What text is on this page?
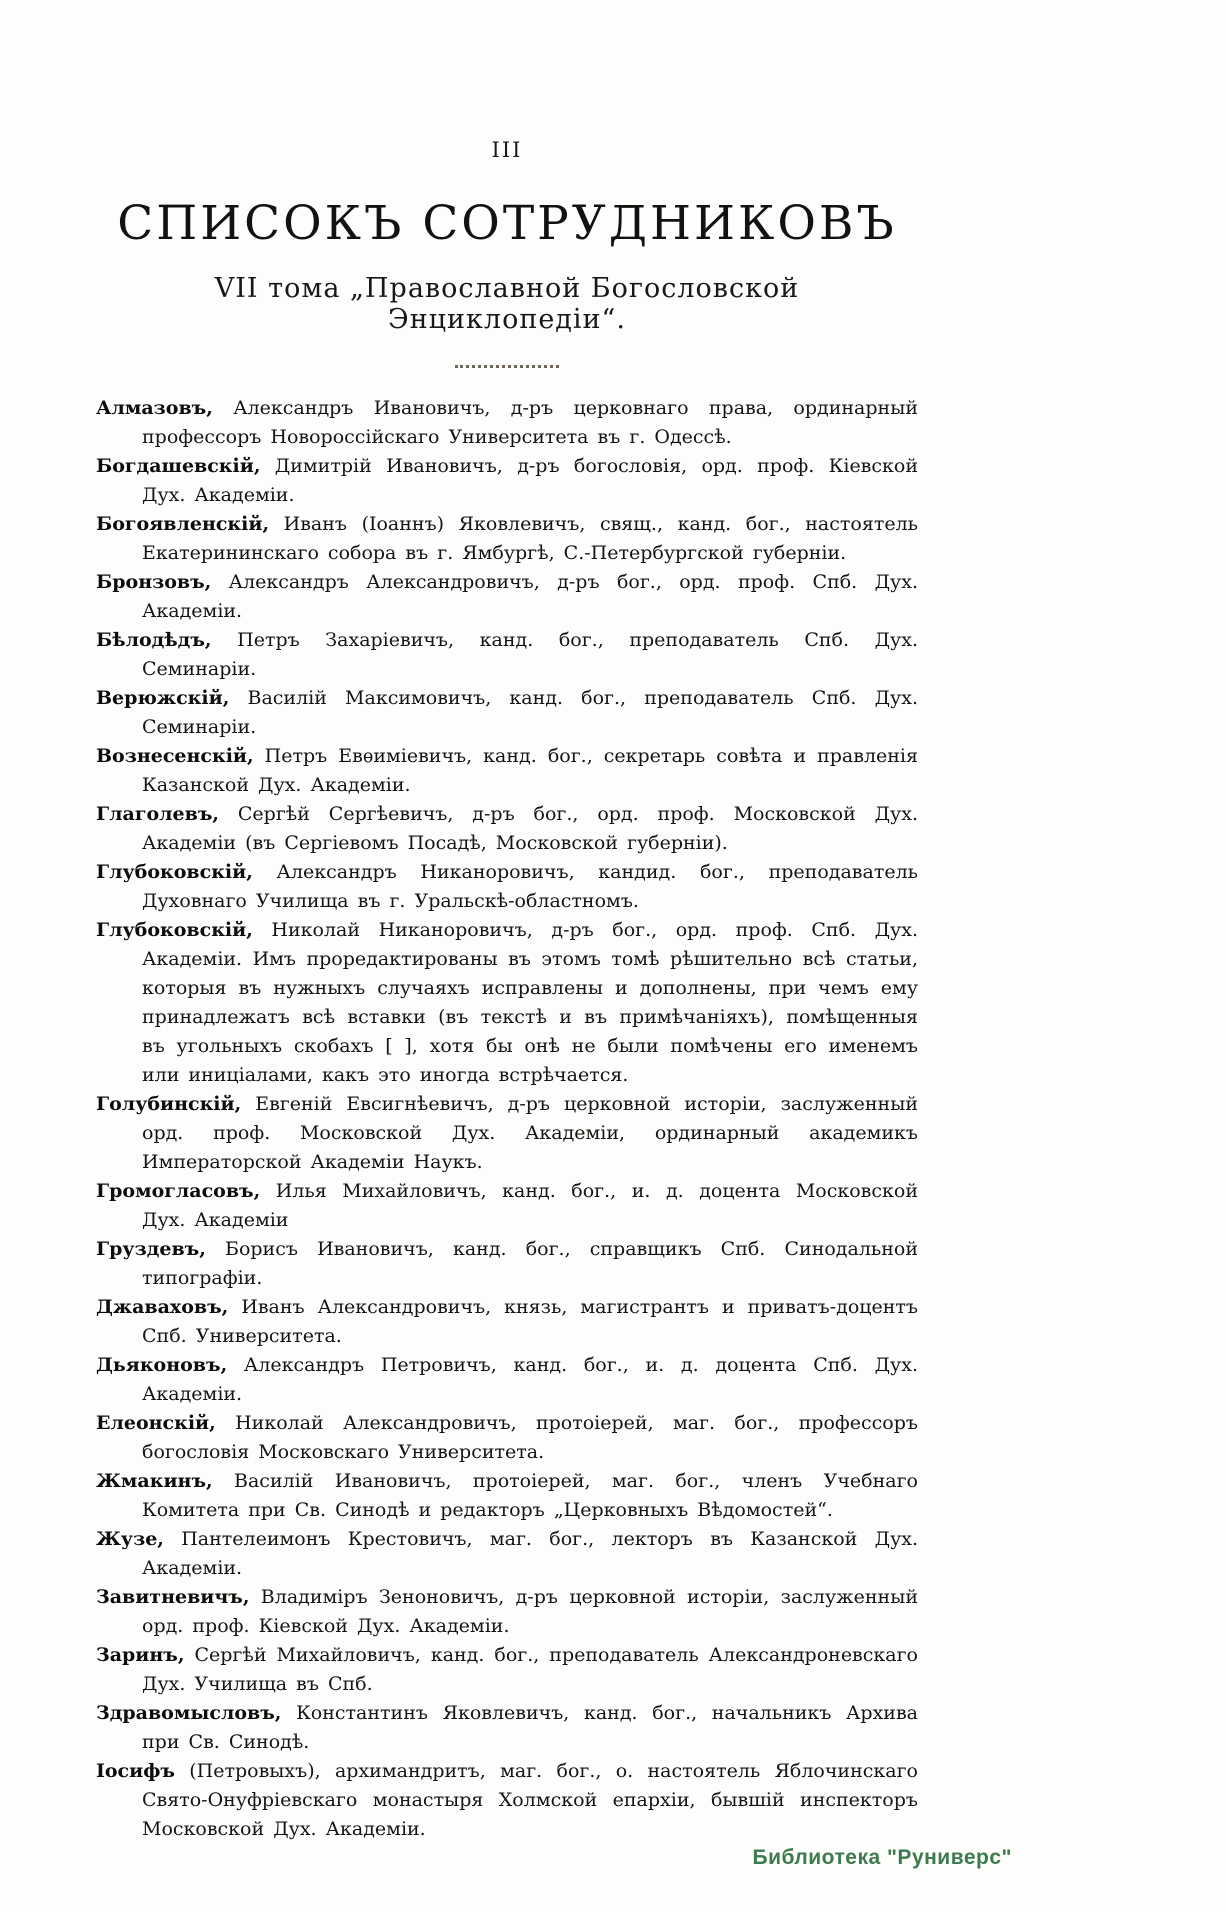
III
СПИСОКЪ СОТРУДНИКОВЪ
VII тома „Православной Богословской Энциклопедіи“.

Алмазовъ, Александръ Ивановичъ, д-ръ церковнаго права, ординарный профессоръ Новороссійскаго Университета въ г. Одессѣ.

Богдашевскій, Димитрій Ивановичъ, д-ръ богословія, орд. проф. Кіевской Дух. Академіи.

Богоявленскій, Иванъ (Іоаннъ) Яковлевичъ, свящ., канд. бог., настоятель Екатерининскаго собора въ г. Ямбургѣ, С.-Петербургской губерніи.

Бронзовъ, Александръ Александровичъ, д-ръ бог., орд. проф. Спб. Дух. Академіи.

Бѣлодѣдъ, Петръ Захаріевичъ, канд. бог., преподаватель Спб. Дух. Семинаріи.

Верюжскій, Василій Максимовичъ, канд. бог., преподаватель Спб. Дух. Семинаріи.

Вознесенскій, Петръ Евѳиміевичъ, канд. бог., секретарь совѣта и правленія Казанской Дух. Академіи.

Глаголевъ, Сергѣй Сергѣевичъ, д-ръ бог., орд. проф. Московской Дух. Академіи (въ Сергіевомъ Посадѣ, Московской губерніи).

Глубоковскій, Александръ Никаноровичъ, кандид. бог., преподаватель Духовнаго Училища въ г. Уральскѣ-областномъ.

Глубоковскій, Николай Никаноровичъ, д-ръ бог., орд. проф. Спб. Дух. Академіи. Имъ проредактированы въ этомъ томѣ рѣшительно всѣ статьи, которыя въ нужныхъ случаяхъ исправлены и дополнены, при чемъ ему принадлежатъ всѣ вставки (въ текстѣ и въ примѣчаніяхъ), помѣщенныя въ угольныхъ скобахъ [ ], хотя бы онѣ не были помѣчены его именемъ или иниціалами, какъ это иногда встрѣчается.

Голубинскій, Евгеній Евсигнѣевичъ, д-ръ церковной исторіи, заслуженный орд. проф. Московской Дух. Академіи, ординарный академикъ Императорской Академіи Наукъ.

Громогласовъ, Илья Михайловичъ, канд. бог., и. д. доцента Московской Дух. Академіи

Груздевъ, Борисъ Ивановичъ, канд. бог., справщикъ Спб. Синодальной типографіи.

Джаваховъ, Иванъ Александровичъ, князь, магистрантъ и приватъ-доцентъ Спб. Университета.

Дьяконовъ, Александръ Петровичъ, канд. бог., и. д. доцента Спб. Дух. Академіи.

Елеонскій, Николай Александровичъ, протоіерей, маг. бог., профессоръ богословія Московскаго Университета.

Жмакинъ, Василій Ивановичъ, протоіерей, маг. бог., членъ Учебнаго Комитета при Св. Синодѣ и редакторъ „Церковныхъ Вѣдомостей“.

Жузе, Пантелеимонъ Крестовичъ, маг. бог., лекторъ въ Казанской Дух. Академіи.

Завитневичъ, Владиміръ Зеноновичъ, д-ръ церковной исторіи, заслуженный орд. проф. Кіевской Дух. Академіи.

Заринъ, Сергѣй Михайловичъ, канд. бог., преподаватель Александроневскаго Дух. Училища въ Спб.

Здравомысловъ, Константинъ Яковлевичъ, канд. бог., начальникъ Архива при Св. Синодѣ.

Іосифъ (Петровыхъ), архимандритъ, маг. бог., о. настоятель Яблочинскаго Свято-Онуфріевскаго монастыря Холмской епархіи, бывшій инспекторъ Московской Дух. Академіи.

Библиотека "Руниверс"
